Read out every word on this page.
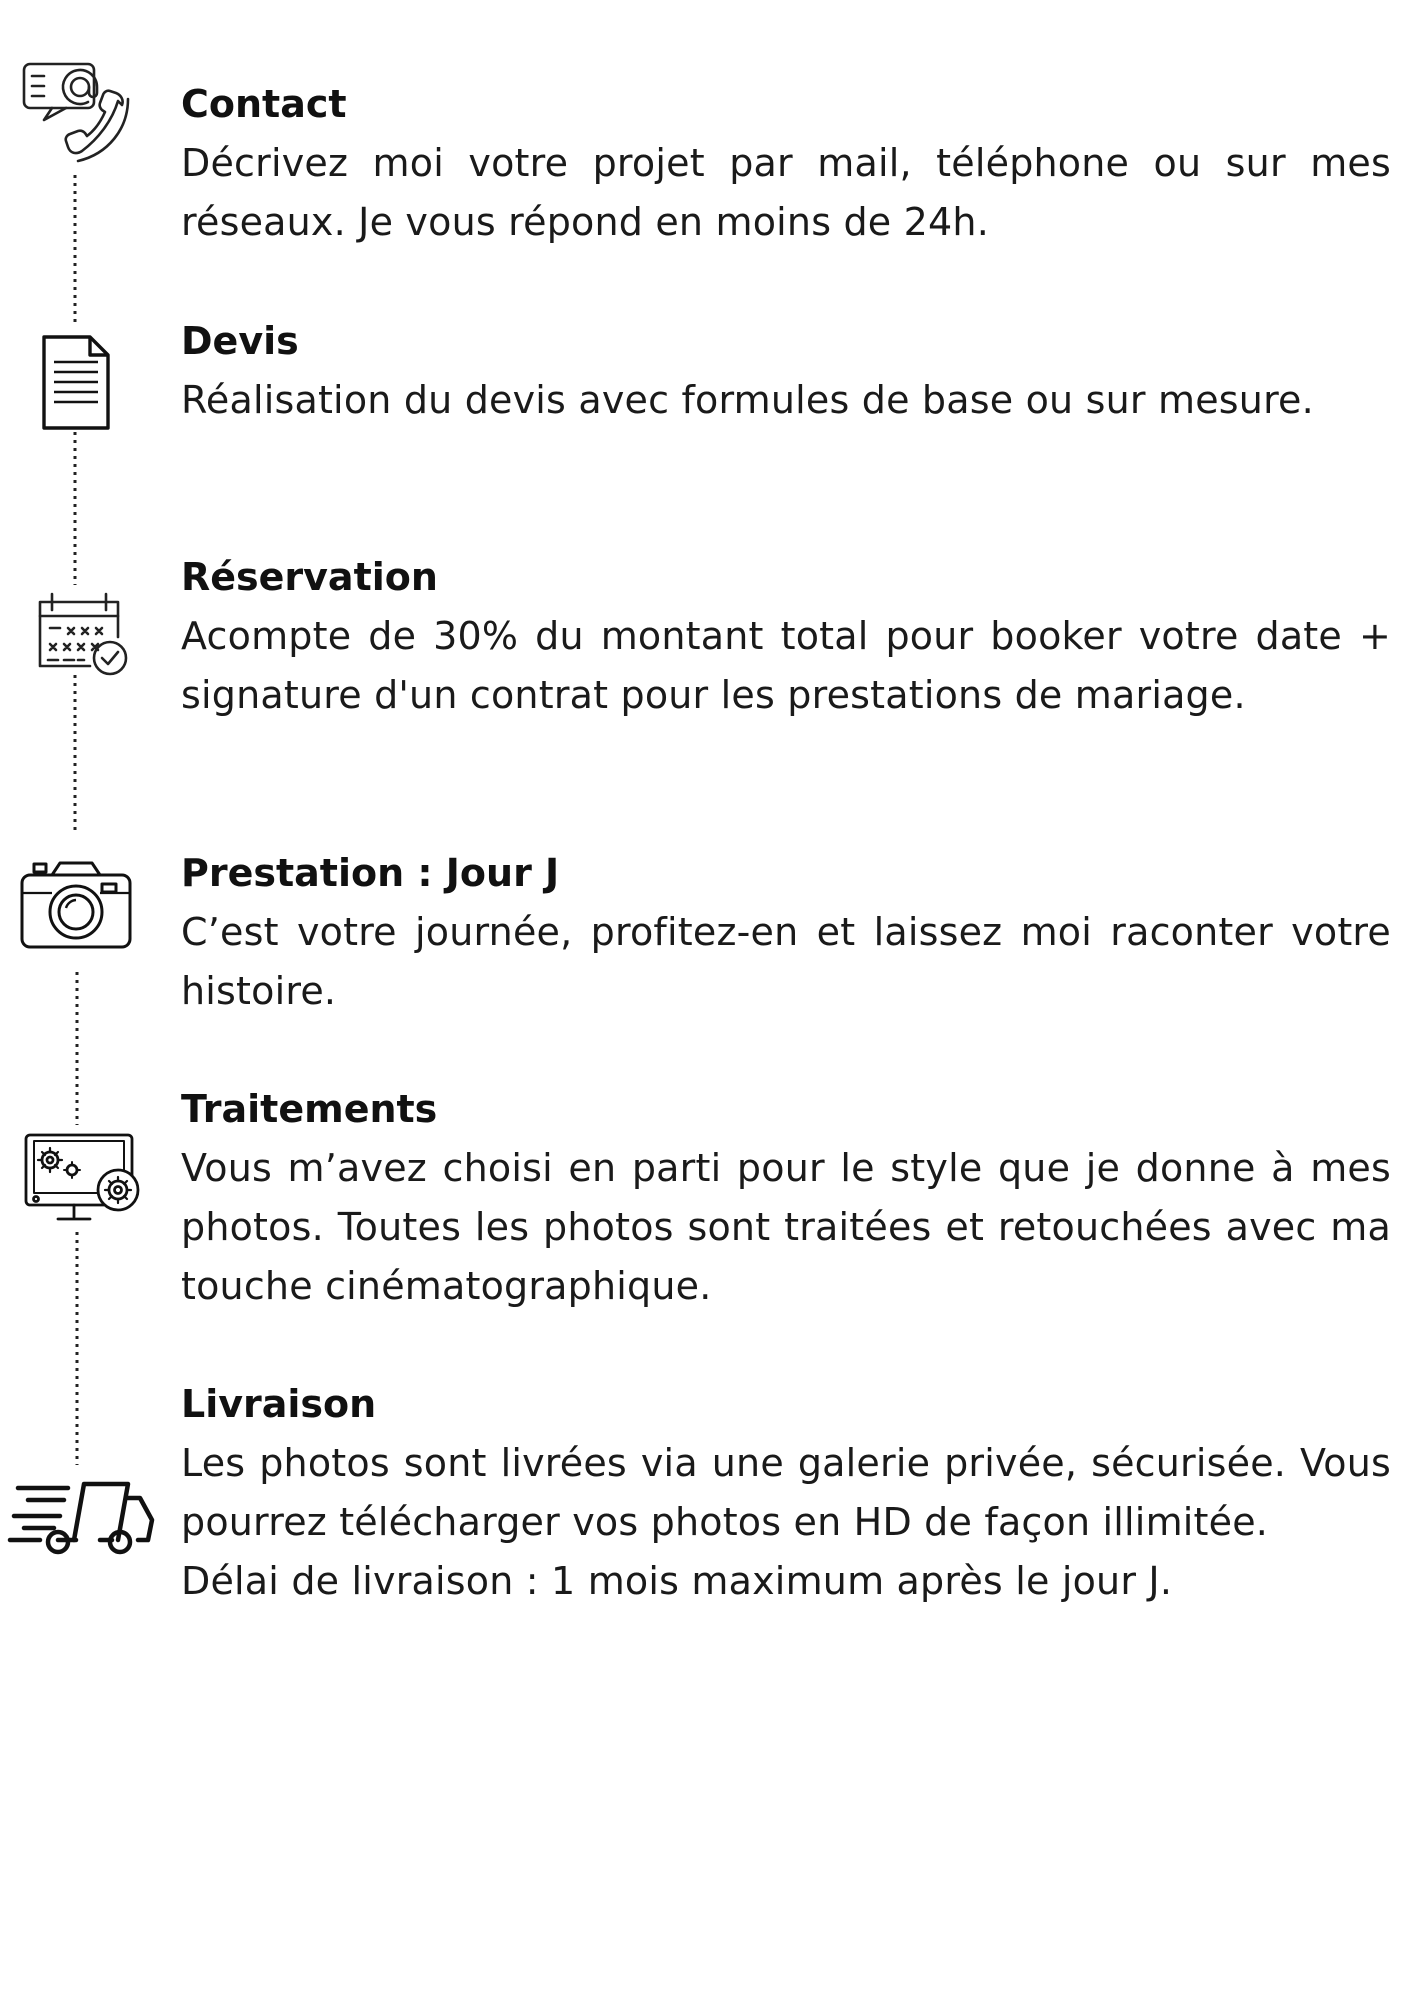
Contact

Décrivez moi votre projet par mail, téléphone ou sur mes réseaux. Je vous répond en moins de 24h.

Devis

Réalisation du devis avec formules de base ou sur mesure.

Réservation

Acompte de 30% du montant total pour booker votre date + signature d'un contrat pour les prestations de mariage.

Prestation : Jour J

C’est votre journée, profitez-en et laissez moi raconter votre histoire.

Traitements

Vous m’avez choisi en parti pour le style que je donne à mes photos. Toutes les photos sont traitées et retouchées avec ma touche cinématographique.

Livraison

Les photos sont livrées via une galerie privée, sécurisée. Vous pourrez télécharger vos photos en HD de façon illimitée.

Délai de livraison : 1 mois maximum après le jour J.
